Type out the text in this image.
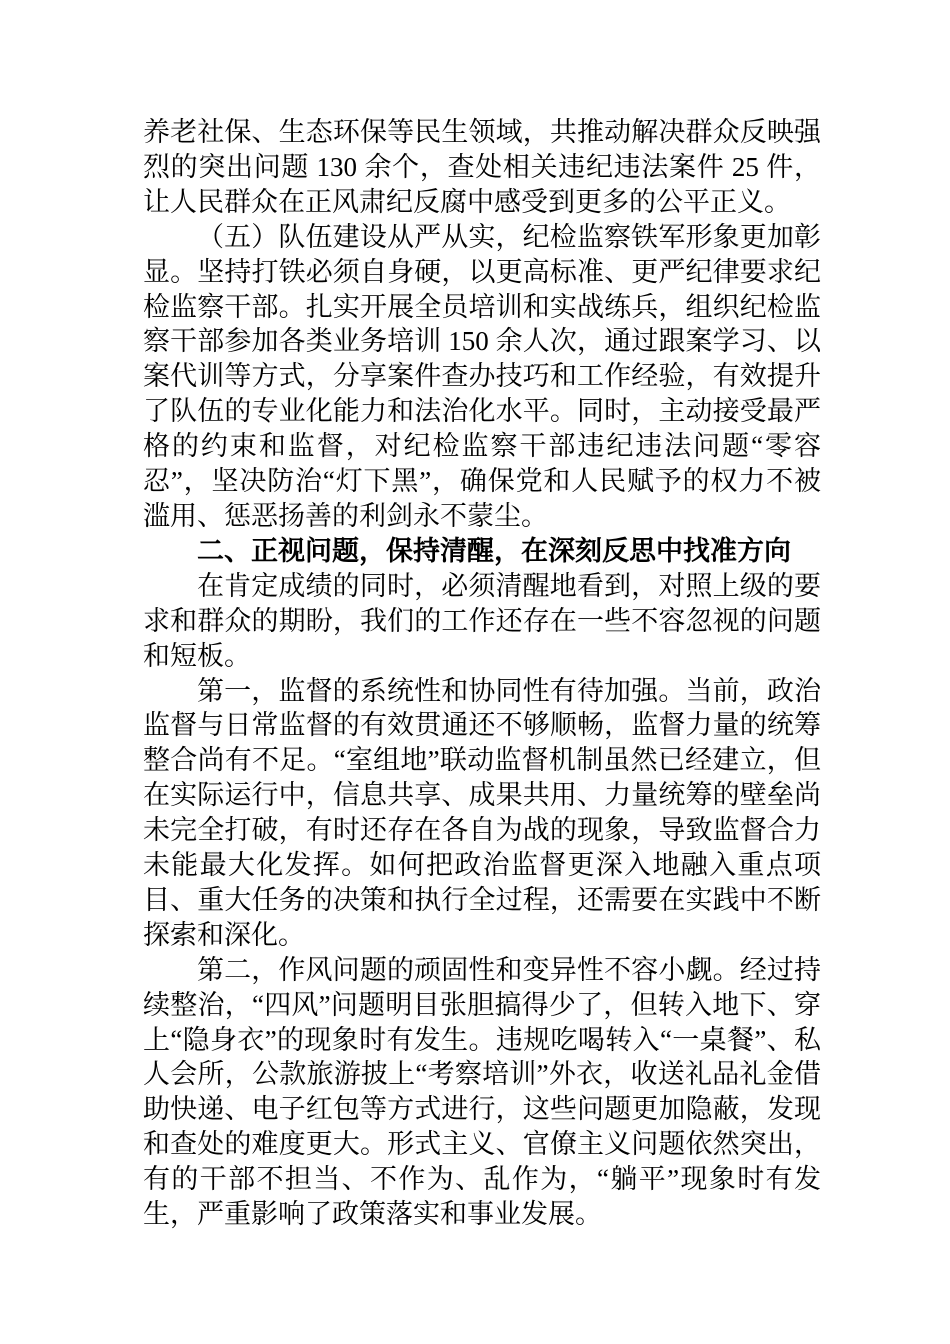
养老社保、生态环保等民生领域，共推动解决群众反映强烈的突出问题 130 余个，查处相关违纪违法案件 25 件，让人民群众在正风肃纪反腐中感受到更多的公平正义。

（五）队伍建设从严从实，纪检监察铁军形象更加彰显。坚持打铁必须自身硬，以更高标准、更严纪律要求纪检监察干部。扎实开展全员培训和实战练兵，组织纪检监察干部参加各类业务培训 150 余人次，通过跟案学习、以案代训等方式，分享案件查办技巧和工作经验，有效提升了队伍的专业化能力和法治化水平。同时，主动接受最严格的约束和监督，对纪检监察干部违纪违法问题“零容忍”，坚决防治“灯下黑”，确保党和人民赋予的权力不被滥用、惩恶扬善的利剑永不蒙尘。

二、正视问题，保持清醒，在深刻反思中找准方向

在肯定成绩的同时，必须清醒地看到，对照上级的要求和群众的期盼，我们的工作还存在一些不容忽视的问题和短板。

第一，监督的系统性和协同性有待加强。当前，政治监督与日常监督的有效贯通还不够顺畅，监督力量的统筹整合尚有不足。“室组地”联动监督机制虽然已经建立，但在实际运行中，信息共享、成果共用、力量统筹的壁垒尚未完全打破，有时还存在各自为战的现象，导致监督合力未能最大化发挥。如何把政治监督更深入地融入重点项目、重大任务的决策和执行全过程，还需要在实践中不断探索和深化。

第二，作风问题的顽固性和变异性不容小觑。经过持续整治，“四风”问题明目张胆搞得少了，但转入地下、穿上“隐身衣”的现象时有发生。违规吃喝转入“一桌餐”、私人会所，公款旅游披上“考察培训”外衣，收送礼品礼金借助快递、电子红包等方式进行，这些问题更加隐蔽，发现和查处的难度更大。形式主义、官僚主义问题依然突出，有的干部不担当、不作为、乱作为，“躺平”现象时有发生，严重影响了政策落实和事业发展。
